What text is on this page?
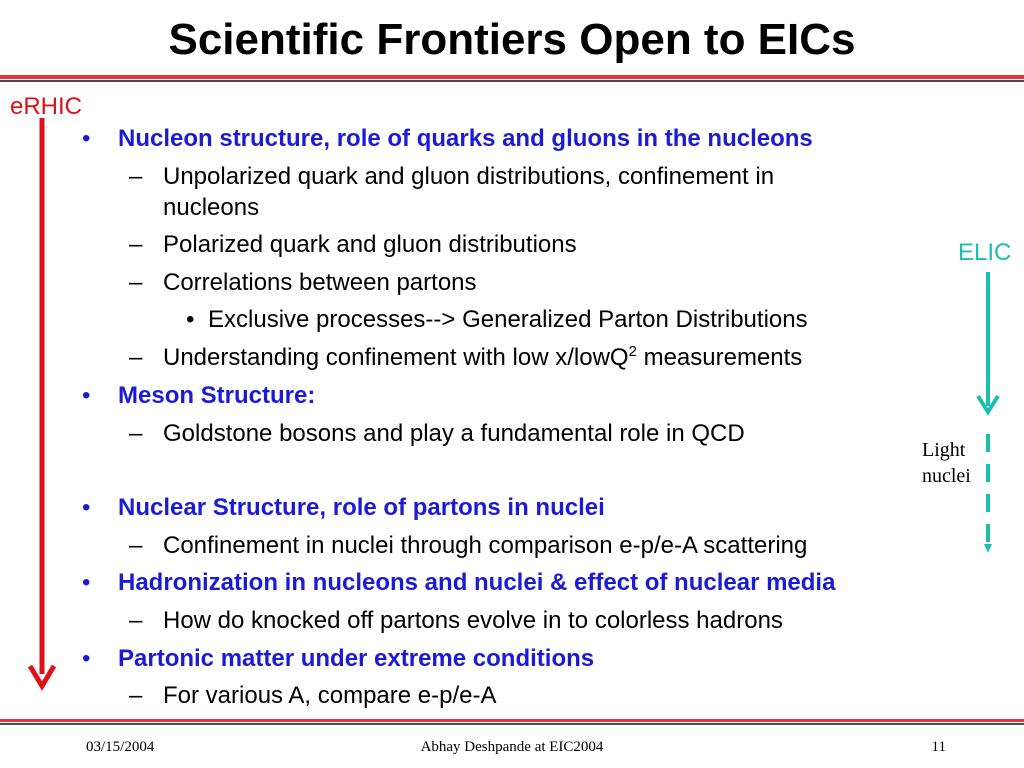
Scientific Frontiers Open to EICs
eRHIC
ELIC
Light
nuclei
• Nucleon structure, role of quarks and gluons in the nucleons
– Unpolarized quark and gluon distributions, confinement in
nucleons
– Polarized quark and gluon distributions
– Correlations between partons
• Exclusive processes--> Generalized Parton Distributions
– Understanding confinement with low x/lowQ$^2$ measurements
• Meson Structure:
– Goldstone bosons and play a fundamental role in QCD
• Nuclear Structure, role of partons in nuclei
– Confinement in nuclei through comparison e-p/e-A scattering
• Hadronization in nucleons and nuclei & effect of nuclear media
– How do knocked off partons evolve in to colorless hadrons
• Partonic matter under extreme conditions
– For various A, compare e-p/e-A
03/15/2004	Abhay Deshpande at EIC2004	11
